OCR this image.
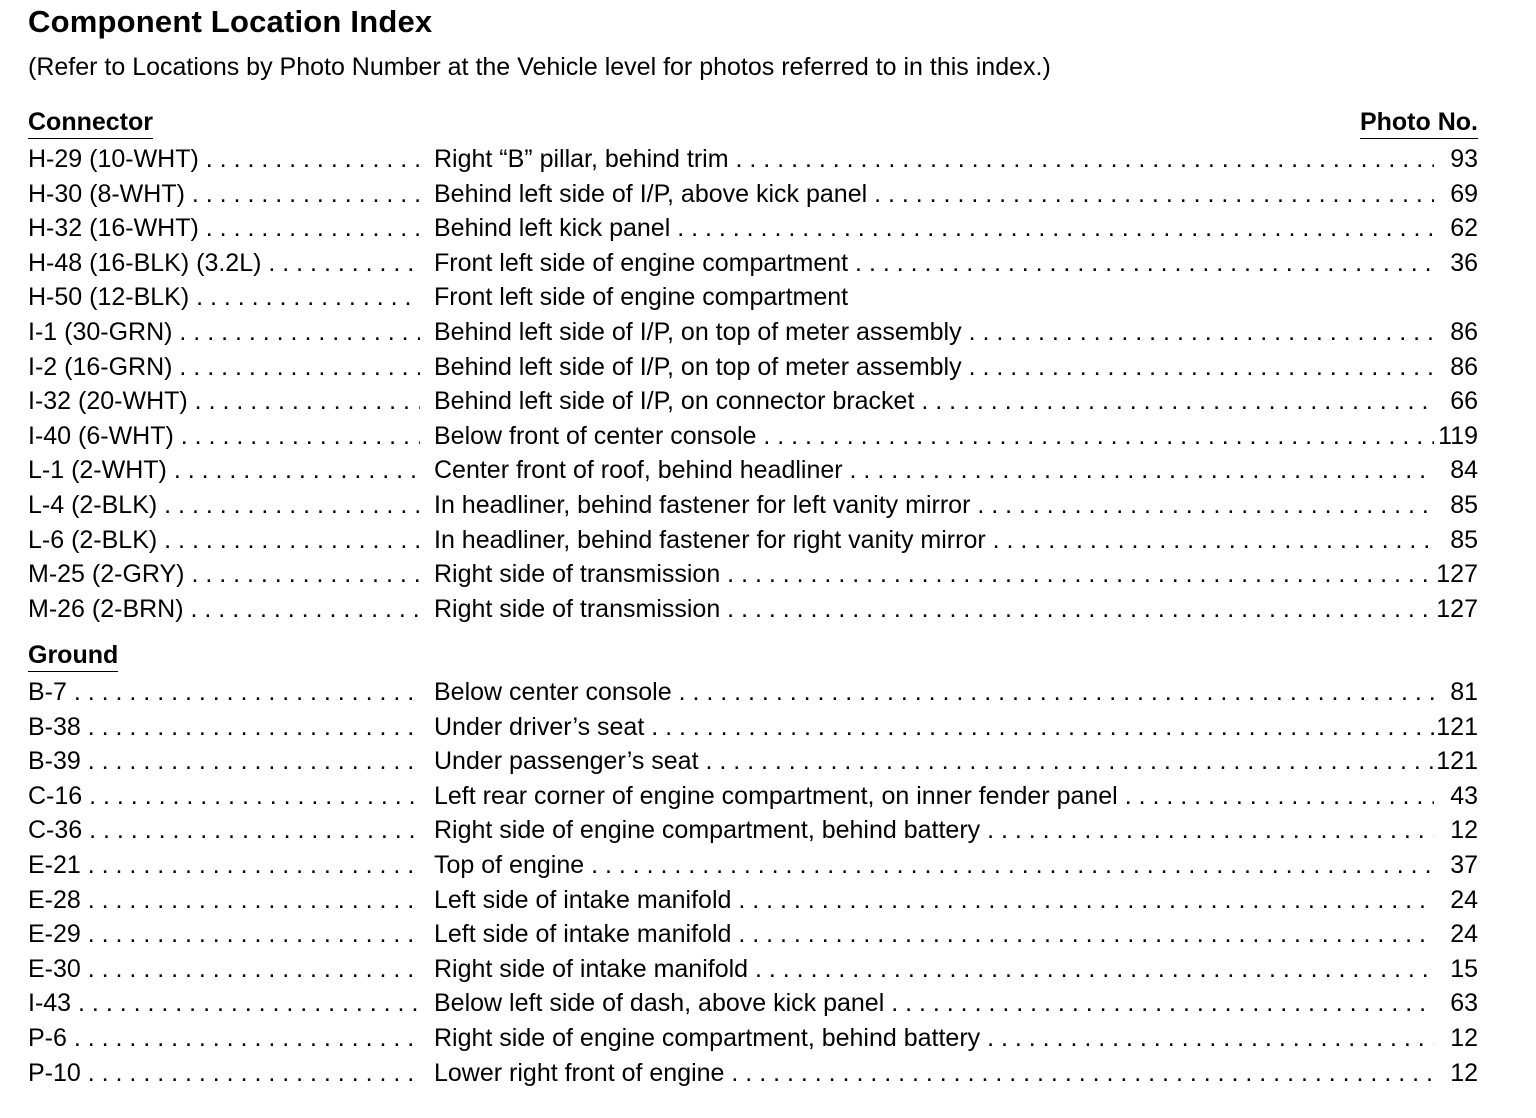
Component Location Index
(Refer to Locations by Photo Number at the Vehicle level for photos referred to in this index.)
Connector	Photo No.
H-29 (10-WHT) . . .	Right “B” pillar, behind trim . . .	93
H-30 (8-WHT) . . .	Behind left side of I/P, above kick panel . . .	69
H-32 (16-WHT) . . .	Behind left kick panel . . .	62
H-48 (16-BLK) (3.2L) . . .	Front left side of engine compartment . . .	36
H-50 (12-BLK) . . .	Front left side of engine compartment
I-1 (30-GRN) . . .	Behind left side of I/P, on top of meter assembly . . .	86
I-2 (16-GRN) . . .	Behind left side of I/P, on top of meter assembly . . .	86
I-32 (20-WHT) . . .	Behind left side of I/P, on connector bracket . . .	66
I-40 (6-WHT) . . .	Below front of center console . . .	119
L-1 (2-WHT) . . .	Center front of roof, behind headliner . . .	84
L-4 (2-BLK) . . .	In headliner, behind fastener for left vanity mirror . . .	85
L-6 (2-BLK) . . .	In headliner, behind fastener for right vanity mirror . . .	85
M-25 (2-GRY) . . .	Right side of transmission . . .	127
M-26 (2-BRN) . . .	Right side of transmission . . .	127
Ground
B-7 . . .	Below center console . . .	81
B-38 . . .	Under driver’s seat . . .	121
B-39 . . .	Under passenger’s seat . . .	121
C-16 . . .	Left rear corner of engine compartment, on inner fender panel . . .	43
C-36 . . .	Right side of engine compartment, behind battery . . .	12
E-21 . . .	Top of engine . . .	37
E-28 . . .	Left side of intake manifold . . .	24
E-29 . . .	Left side of intake manifold . . .	24
E-30 . . .	Right side of intake manifold . . .	15
I-43 . . .	Below left side of dash, above kick panel . . .	63
P-6 . . .	Right side of engine compartment, behind battery . . .	12
P-10 . . .	Lower right front of engine . . .	12
